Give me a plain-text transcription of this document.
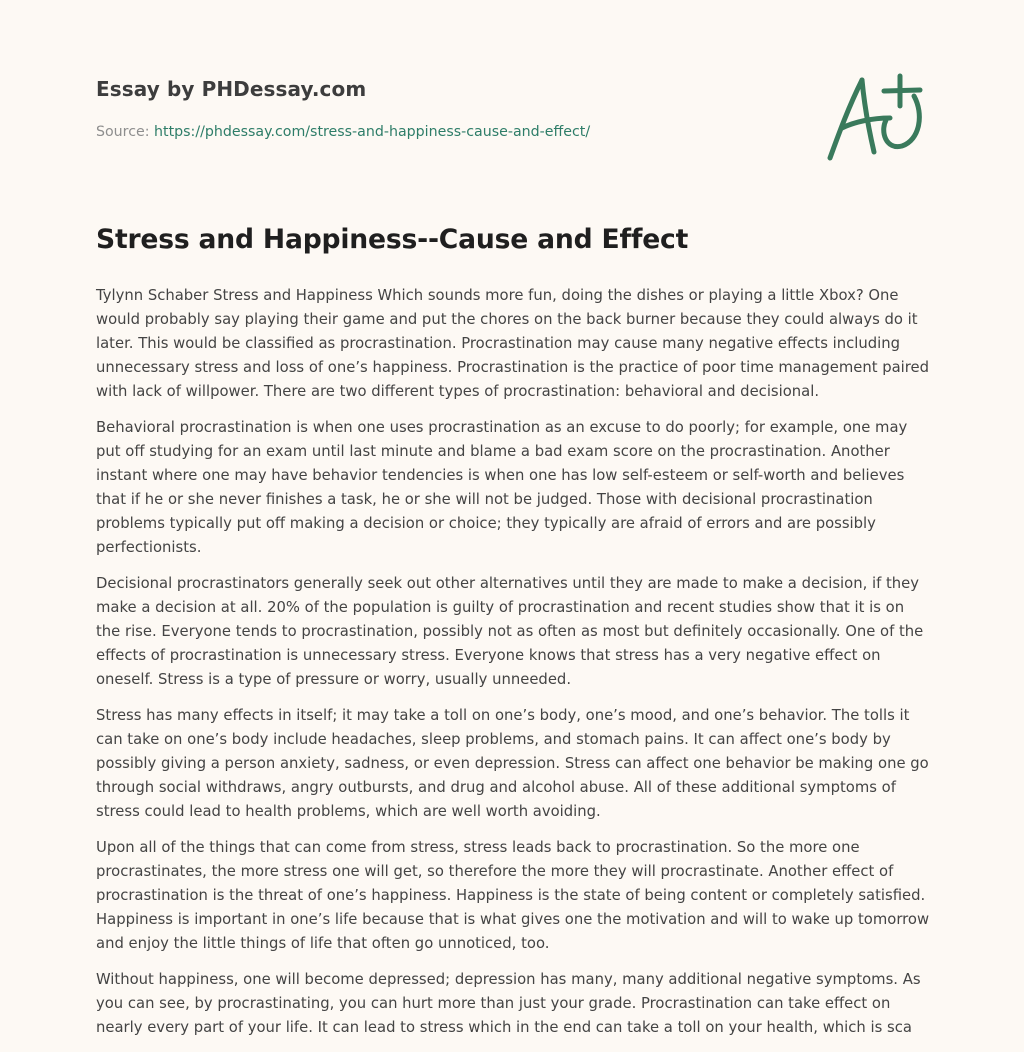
Essay by PHDessay.com

Source: https://phdessay.com/stress-and-happiness-cause-and-effect/

Stress and Happiness--Cause and Effect

Tylynn Schaber Stress and Happiness Which sounds more fun, doing the dishes or playing a little Xbox? One would probably say playing their game and put the chores on the back burner because they could always do it later. This would be classified as procrastination. Procrastination may cause many negative effects including unnecessary stress and loss of one’s happiness. Procrastination is the practice of poor time management paired with lack of willpower. There are two different types of procrastination: behavioral and decisional.

Behavioral procrastination is when one uses procrastination as an excuse to do poorly; for example, one may put off studying for an exam until last minute and blame a bad exam score on the procrastination. Another instant where one may have behavior tendencies is when one has low self-esteem or self-worth and believes that if he or she never finishes a task, he or she will not be judged. Those with decisional procrastination problems typically put off making a decision or choice; they typically are afraid of errors and are possibly perfectionists.

Decisional procrastinators generally seek out other alternatives until they are made to make a decision, if they make a decision at all. 20% of the population is guilty of procrastination and recent studies show that it is on the rise. Everyone tends to procrastination, possibly not as often as most but definitely occasionally. One of the effects of procrastination is unnecessary stress. Everyone knows that stress has a very negative effect on oneself. Stress is a type of pressure or worry, usually unneeded.

Stress has many effects in itself; it may take a toll on one’s body, one’s mood, and one’s behavior. The tolls it can take on one’s body include headaches, sleep problems, and stomach pains. It can affect one’s body by possibly giving a person anxiety, sadness, or even depression. Stress can affect one behavior be making one go through social withdraws, angry outbursts, and drug and alcohol abuse. All of these additional symptoms of stress could lead to health problems, which are well worth avoiding.

Upon all of the things that can come from stress, stress leads back to procrastination. So the more one procrastinates, the more stress one will get, so therefore the more they will procrastinate. Another effect of procrastination is the threat of one’s happiness. Happiness is the state of being content or completely satisfied. Happiness is important in one’s life because that is what gives one the motivation and will to wake up tomorrow and enjoy the little things of life that often go unnoticed, too.

Without happiness, one will become depressed; depression has many, many additional negative symptoms. As you can see, by procrastinating, you can hurt more than just your grade. Procrastination can take effect on nearly every part of your life. It can lead to stress which in the end can take a toll on your health, which is sca
